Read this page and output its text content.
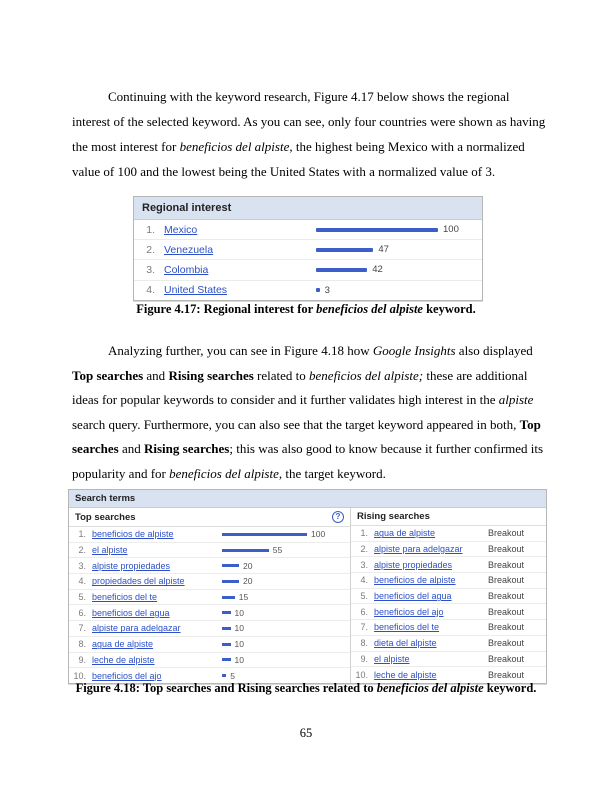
Continuing with the keyword research, Figure 4.17 below shows the regional interest of the selected keyword. As you can see, only four countries were shown as having the most interest for beneficios del alpiste, the highest being Mexico with a normalized value of 100 and the lowest being the United States with a normalized value of 3.
Regional interest
1. Mexico	100
2. Venezuela	47
3. Colombia	42
4. United States	3
Figure 4.17: Regional interest for beneficios del alpiste keyword.
Analyzing further, you can see in Figure 4.18 how Google Insights also displayed Top searches and Rising searches related to beneficios del alpiste; these are additional ideas for popular keywords to consider and it further validates high interest in the alpiste search query. Furthermore, you can also see that the target keyword appeared in both, Top searches and Rising searches; this was also good to know because it further confirmed its popularity and for beneficios del alpiste, the target keyword.
Search terms
Top searches	?
1. beneficios de alpiste	100
2. el alpiste	55
3. alpiste propiedades	20
4. propiedades del alpiste	20
5. beneficios del te	15
6. beneficios del agua	10
7. alpiste para adelgazar	10
8. agua de alpiste	10
9. leche de alpiste	10
10. beneficios del ajo	5
Rising searches
1. agua de alpiste	Breakout
2. alpiste para adelgazar	Breakout
3. alpiste propiedades	Breakout
4. beneficios de alpiste	Breakout
5. beneficios del agua	Breakout
6. beneficios del ajo	Breakout
7. beneficios del te	Breakout
8. dieta del alpiste	Breakout
9. el alpiste	Breakout
10. leche de alpiste	Breakout
Figure 4.18: Top searches and Rising searches related to beneficios del alpiste keyword.
65
